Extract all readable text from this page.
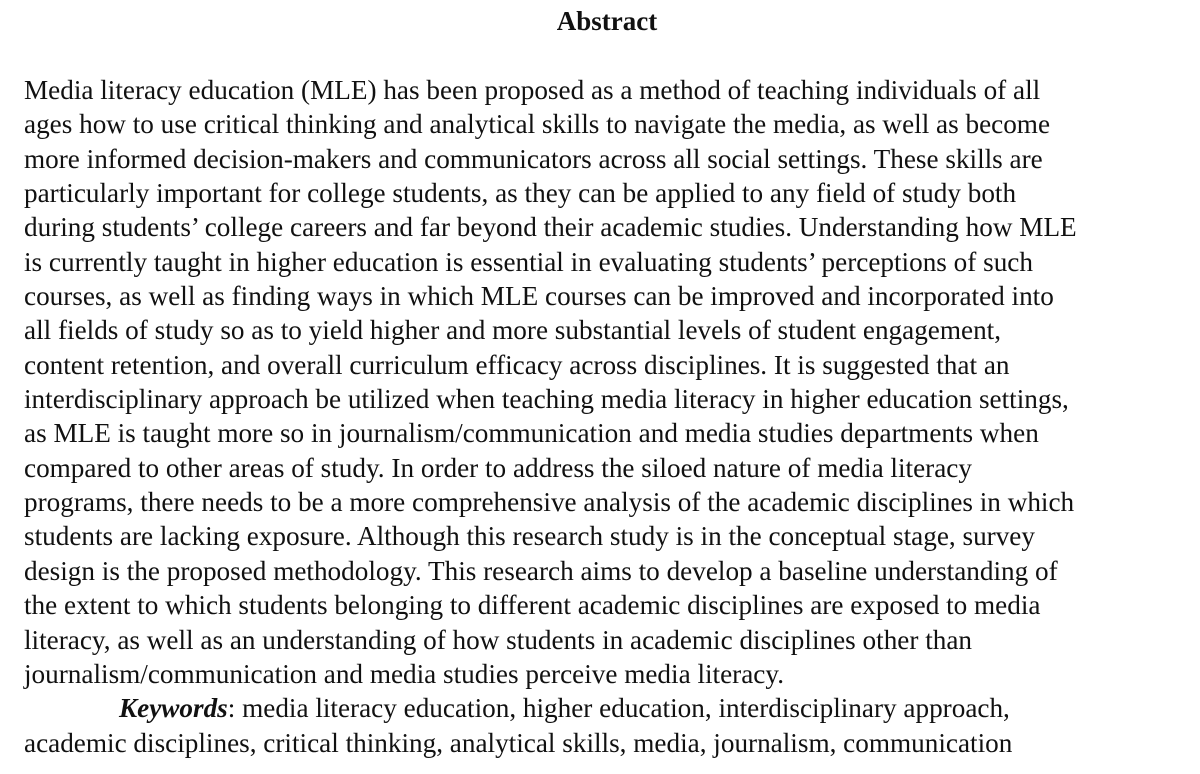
Abstract
Media literacy education (MLE) has been proposed as a method of teaching individuals of all
ages how to use critical thinking and analytical skills to navigate the media, as well as become
more informed decision-makers and communicators across all social settings. These skills are
particularly important for college students, as they can be applied to any field of study both
during students’ college careers and far beyond their academic studies. Understanding how MLE
is currently taught in higher education is essential in evaluating students’ perceptions of such
courses, as well as finding ways in which MLE courses can be improved and incorporated into
all fields of study so as to yield higher and more substantial levels of student engagement,
content retention, and overall curriculum efficacy across disciplines. It is suggested that an
interdisciplinary approach be utilized when teaching media literacy in higher education settings,
as MLE is taught more so in journalism/communication and media studies departments when
compared to other areas of study. In order to address the siloed nature of media literacy
programs, there needs to be a more comprehensive analysis of the academic disciplines in which
students are lacking exposure. Although this research study is in the conceptual stage, survey
design is the proposed methodology. This research aims to develop a baseline understanding of
the extent to which students belonging to different academic disciplines are exposed to media
literacy, as well as an understanding of how students in academic disciplines other than
journalism/communication and media studies perceive media literacy.
Keywords: media literacy education, higher education, interdisciplinary approach,
academic disciplines, critical thinking, analytical skills, media, journalism, communication
